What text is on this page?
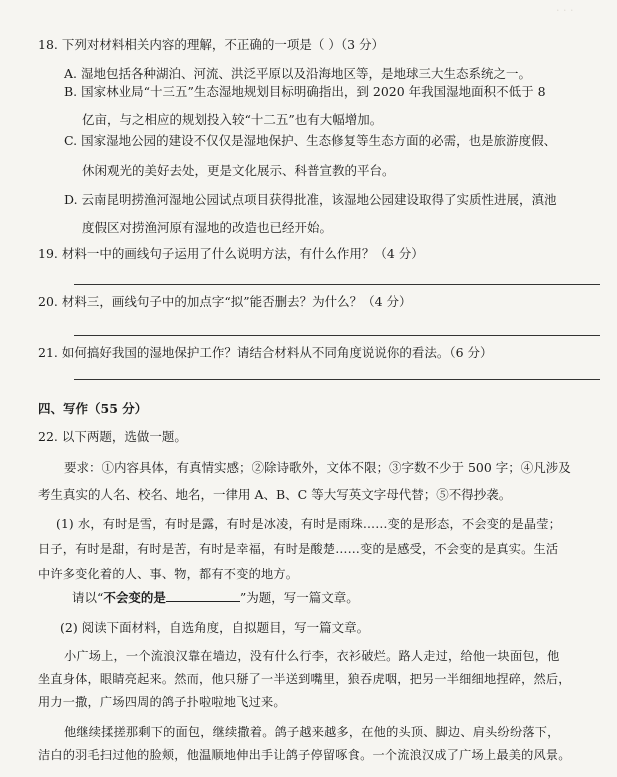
· · ·
18. 下列对材料相关内容的理解，不正确的一项是（ ）（3 分）
A. 湿地包括各种湖泊、河流、洪泛平原以及沿海地区等，是地球三大生态系统之一。
B. 国家林业局“十三五”生态湿地规划目标明确指出，到 2020 年我国湿地面积不低于 8
亿亩，与之相应的规划投入较“十二五”也有大幅增加。
C. 国家湿地公园的建设不仅仅是湿地保护、生态修复等生态方面的必需，也是旅游度假、
休闲观光的美好去处，更是文化展示、科普宣教的平台。
D. 云南昆明捞渔河湿地公园试点项目获得批准，该湿地公园建设取得了实质性进展，滇池
度假区对捞渔河原有湿地的改造也已经开始。
19. 材料一中的画线句子运用了什么说明方法，有什么作用？（4 分）
20. 材料三，画线句子中的加点字“拟”能否删去？为什么？（4 分）
21. 如何搞好我国的湿地保护工作？请结合材料从不同角度说说你的看法。（6 分）
四、写作（55 分）
22. 以下两题，选做一题。
要求：①内容具体，有真情实感；②除诗歌外，文体不限；③字数不少于 500 字；④凡涉及
考生真实的人名、校名、地名，一律用 A、B、C 等大写英文字母代替；⑤不得抄袭。
(1) 水，有时是雪，有时是露，有时是冰凌，有时是雨珠……变的是形态，不会变的是晶莹；
日子，有时是甜，有时是苦，有时是幸福，有时是酸楚……变的是感受，不会变的是真实。生活
中许多变化着的人、事、物，都有不变的地方。
请以“不会变的是	”为题，写一篇文章。
(2) 阅读下面材料，自选角度，自拟题目，写一篇文章。
小广场上，一个流浪汉靠在墙边，没有什么行李，衣衫破烂。路人走过，给他一块面包，他
坐直身体，眼睛亮起来。然而，他只掰了一半送到嘴里，狼吞虎咽，把另一半细细地捏碎，然后，
用力一撒，广场四周的鸽子扑啦啦地飞过来。
他继续揉搓那剩下的面包，继续撒着。鸽子越来越多，在他的头顶、脚边、肩头纷纷落下，
洁白的羽毛扫过他的脸颊，他温顺地伸出手让鸽子停留啄食。一个流浪汉成了广场上最美的风景。
